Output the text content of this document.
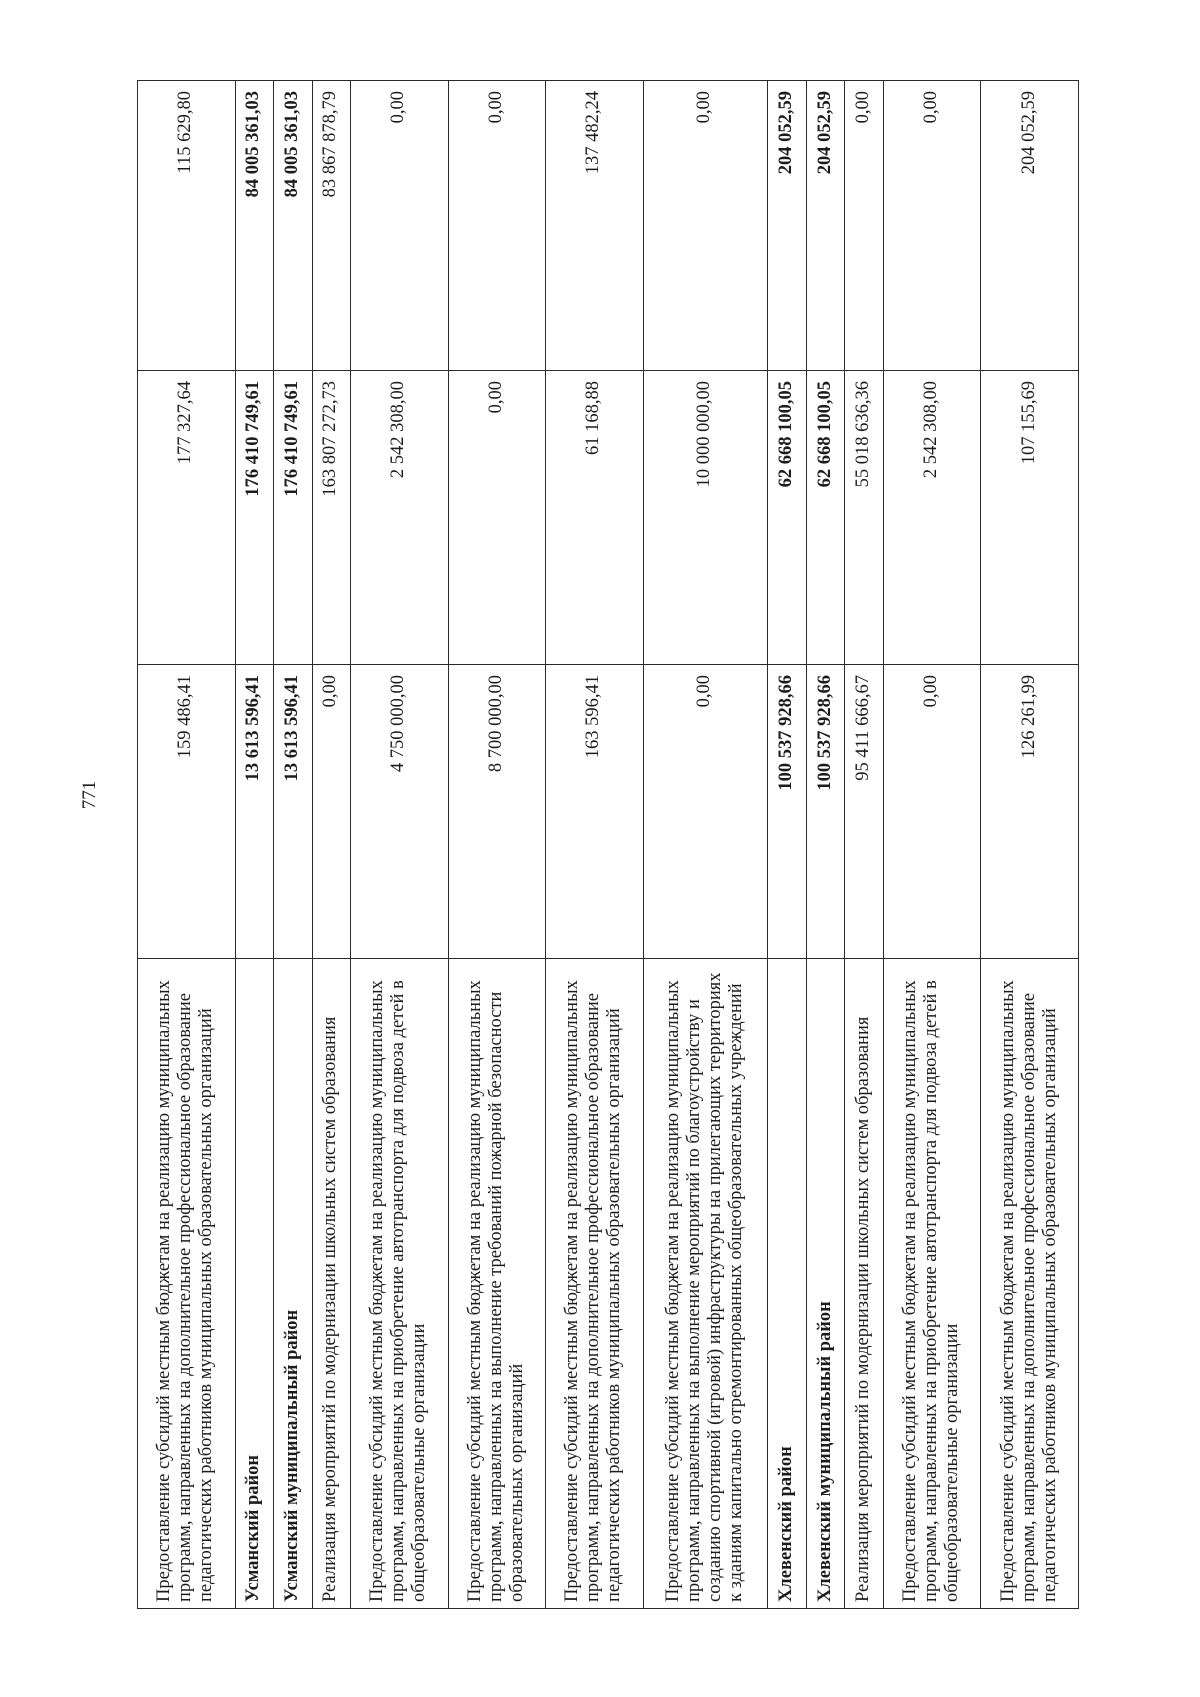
771
Предоставление субсидий местным бюджетам на реализацию муниципальных программ, направленных на дополнительное профессиональное образование педагогических работников муниципальных образовательных организаций	159 486,41	177 327,64	115 629,80
Усманский район	13 613 596,41	176 410 749,61	84 005 361,03
Усманский муниципальный район	13 613 596,41	176 410 749,61	84 005 361,03
Реализация мероприятий по модернизации школьных систем образования	0,00	163 807 272,73	83 867 878,79
Предоставление субсидий местным бюджетам на реализацию муниципальных программ, направленных на приобретение автотранспорта для подвоза детей в общеобразовательные организации	4 750 000,00	2 542 308,00	0,00
Предоставление субсидий местным бюджетам на реализацию муниципальных программ, направленных на выполнение требований пожарной безопасности образовательных организаций	8 700 000,00	0,00	0,00
Предоставление субсидий местным бюджетам на реализацию муниципальных программ, направленных на дополнительное профессиональное образование педагогических работников муниципальных образовательных организаций	163 596,41	61 168,88	137 482,24
Предоставление субсидий местным бюджетам на реализацию муниципальных программ, направленных на выполнение мероприятий по благоустройству и созданию спортивной (игровой) инфраструктуры на прилегающих территориях к зданиям капитально отремонтированных общеобразовательных учреждений	0,00	10 000 000,00	0,00
Хлевенский район	100 537 928,66	62 668 100,05	204 052,59
Хлевенский муниципальный район	100 537 928,66	62 668 100,05	204 052,59
Реализация мероприятий по модернизации школьных систем образования	95 411 666,67	55 018 636,36	0,00
Предоставление субсидий местным бюджетам на реализацию муниципальных программ, направленных на приобретение автотранспорта для подвоза детей в общеобразовательные организации	0,00	2 542 308,00	0,00
Предоставление субсидий местным бюджетам на реализацию муниципальных программ, направленных на дополнительное профессиональное образование педагогических работников муниципальных образовательных организаций	126 261,99	107 155,69	204 052,59
